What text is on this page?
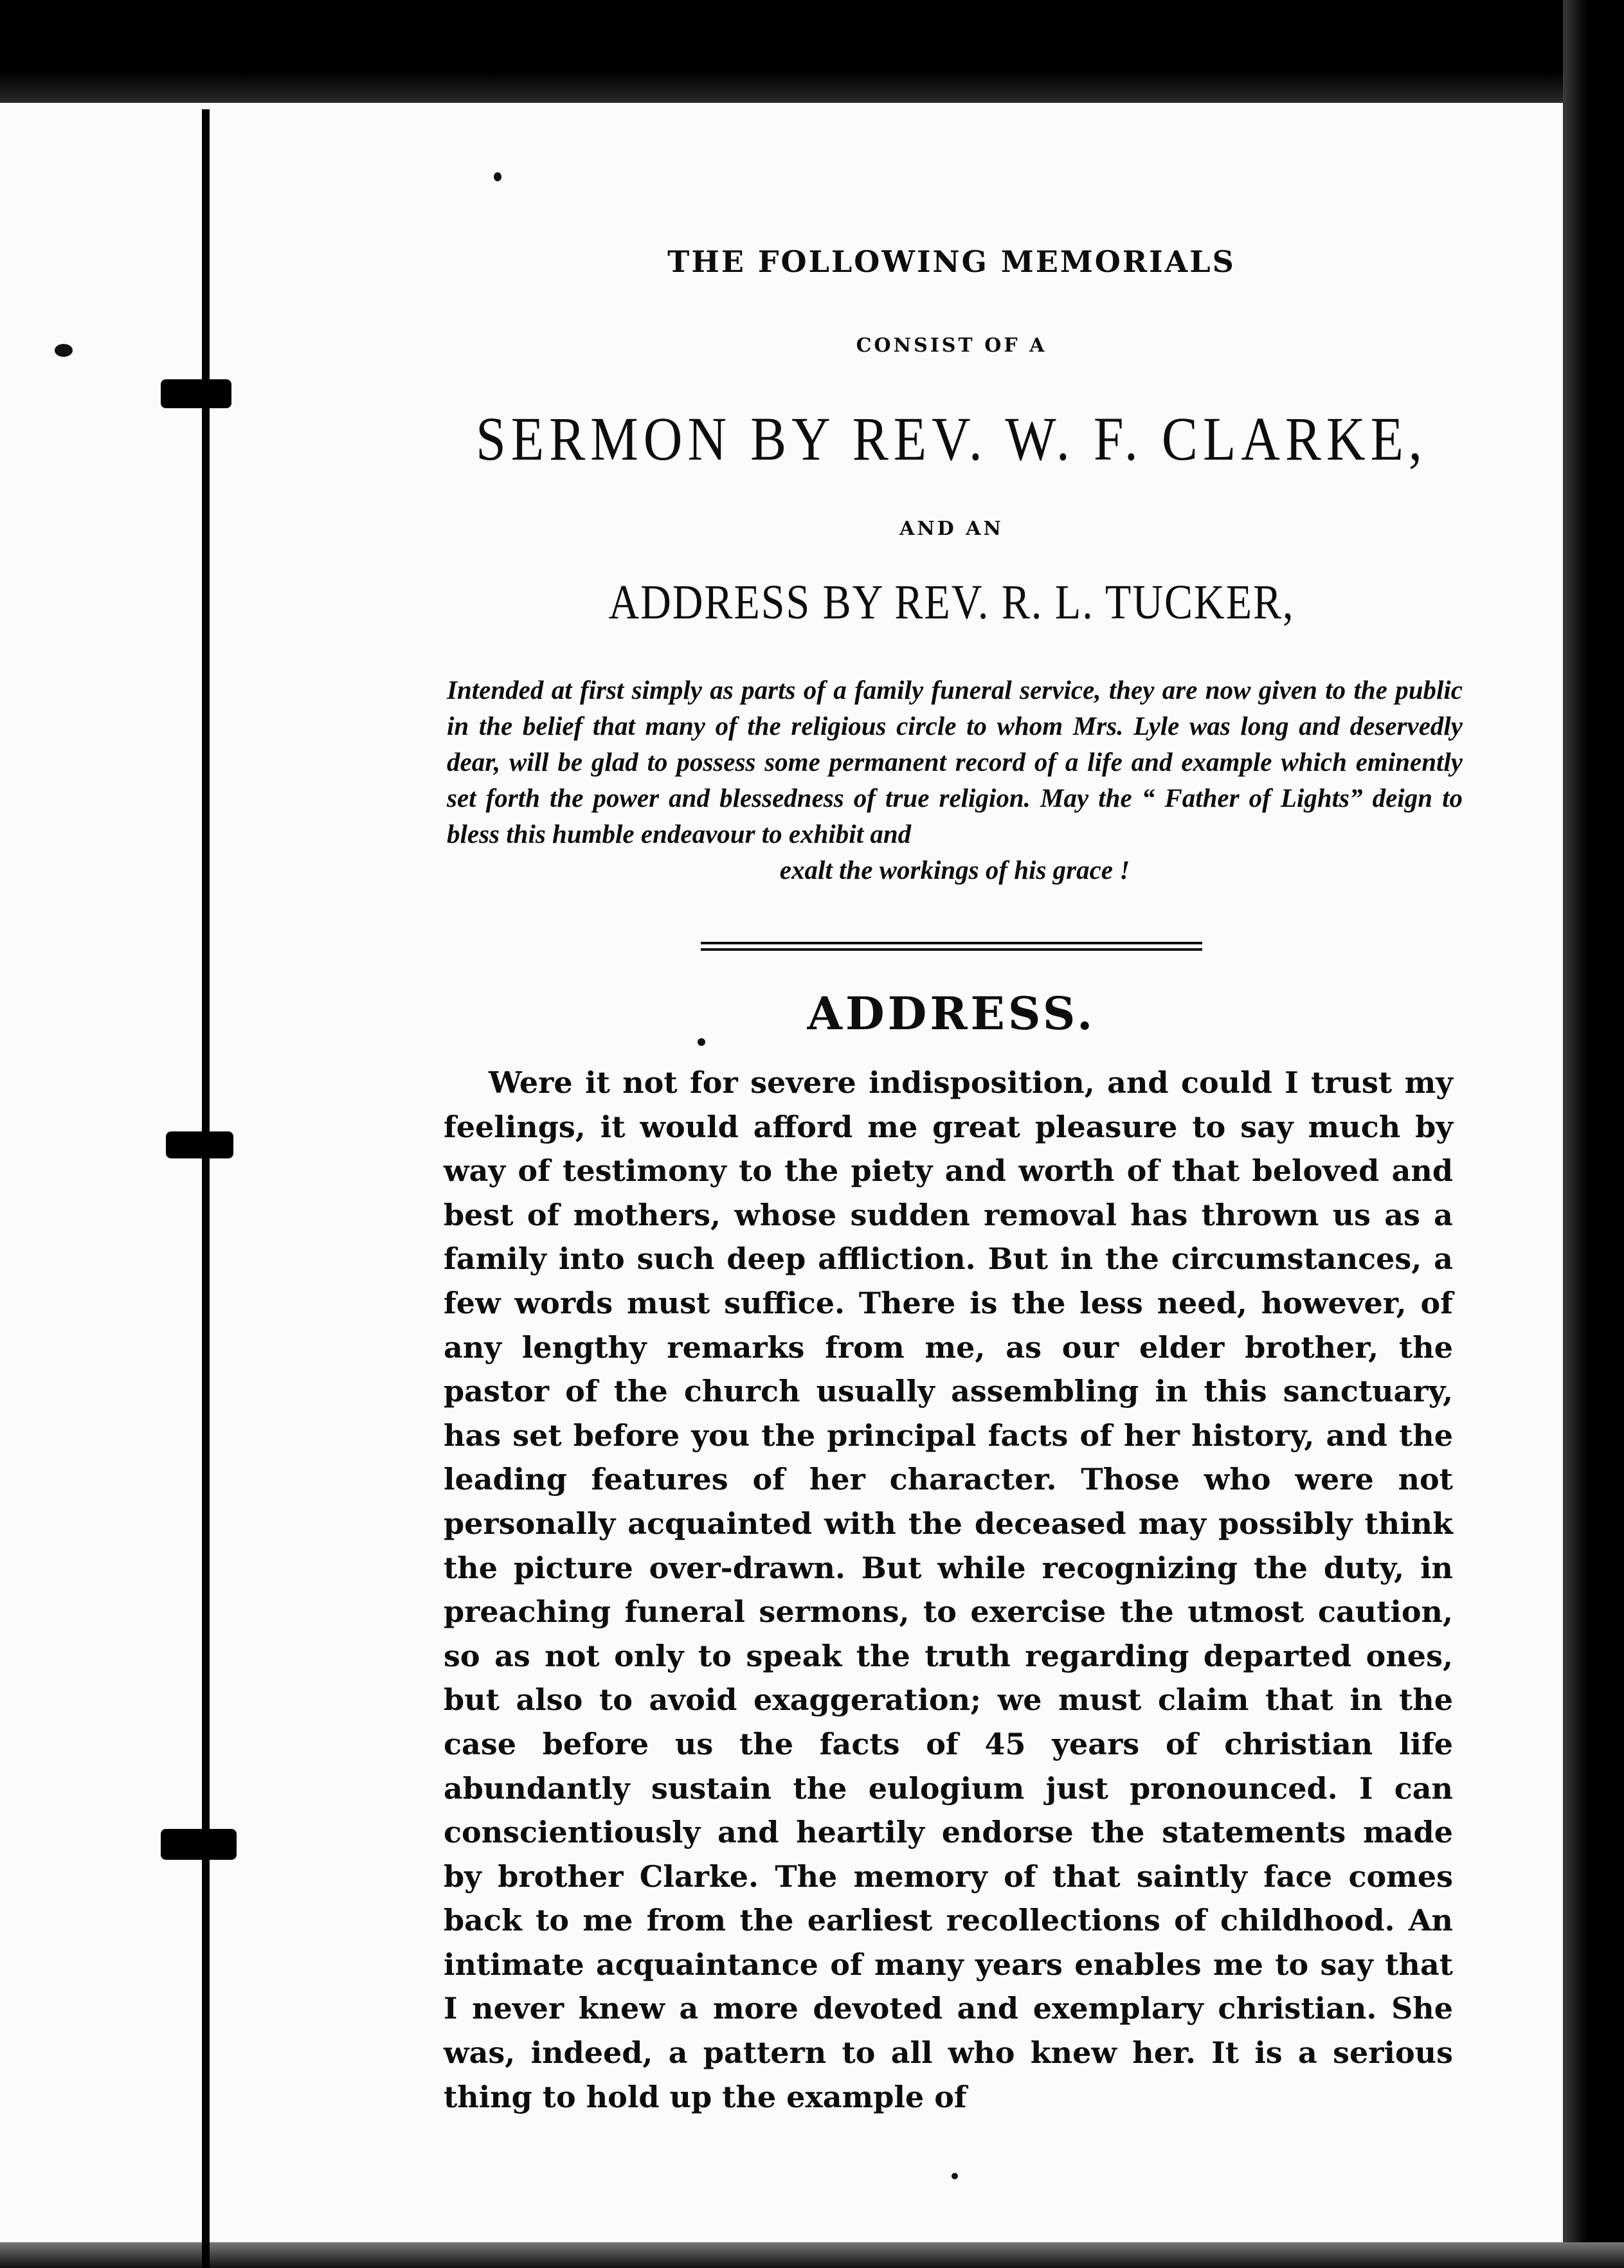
THE FOLLOWING MEMORIALS
CONSIST OF A
SERMON BY REV. W. F. CLARKE,
AND AN
ADDRESS BY REV. R. L. TUCKER,

Intended at first simply as parts of a family funeral service, they are now given to the public in the belief that many of the religious circle to whom Mrs. Lyle was long and deservedly dear, will be glad to possess some permanent record of a life and example which eminently set forth the power and blessedness of true religion. May the “ Father of Lights” deign to bless this humble endeavour to exhibit and
exalt the workings of his grace !

ADDRESS.

Were it not for severe indisposition, and could I trust my feelings, it would afford me great pleasure to say much by way of testimony to the piety and worth of that beloved and best of mothers, whose sudden removal has thrown us as a family into such deep affliction. But in the circumstances, a few words must suffice. There is the less need, however, of any lengthy remarks from me, as our elder brother, the pastor of the church usually assembling in this sanctuary, has set before you the principal facts of her history, and the leading features of her character. Those who were not personally acquainted with the deceased may possibly think the picture over-drawn. But while recognizing the duty, in preaching funeral sermons, to exercise the utmost caution, so as not only to speak the truth regarding departed ones, but also to avoid exaggeration; we must claim that in the case before us the facts of 45 years of christian life abundantly sustain the eulogium just pronounced. I can conscientiously and heartily endorse the statements made by brother Clarke. The memory of that saintly face comes back to me from the earliest recollections of childhood. An intimate acquaintance of many years enables me to say that I never knew a more devoted and exemplary christian. She was, indeed, a pattern to all who knew her. It is a serious thing to hold up the example of
